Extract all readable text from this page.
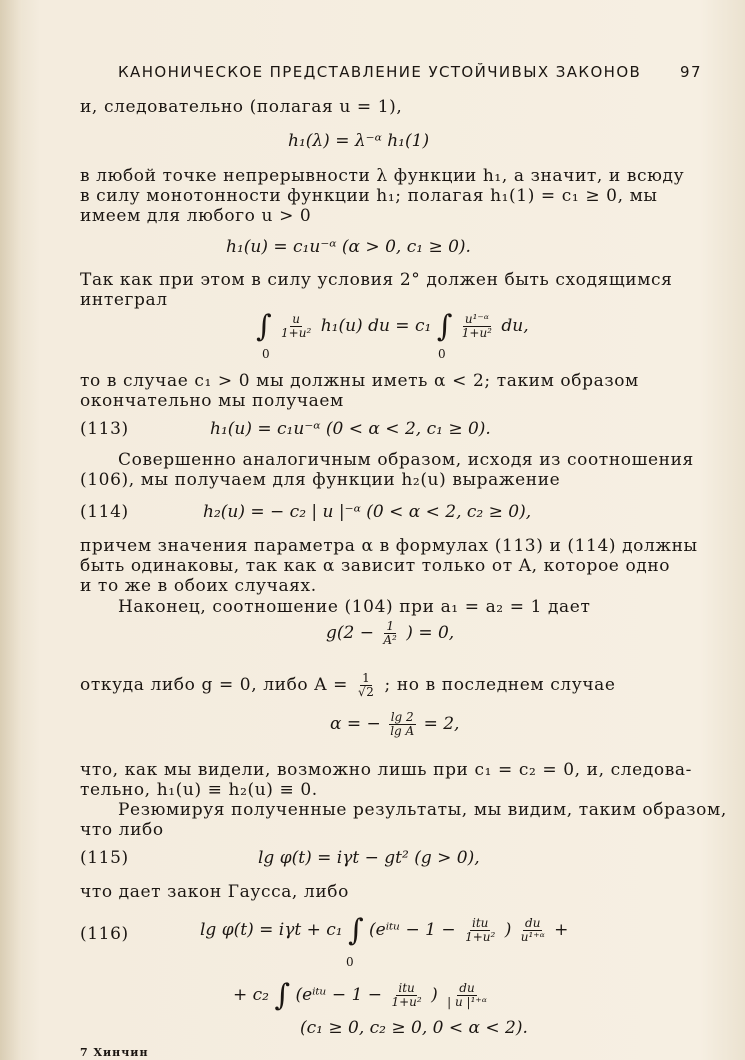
КАНОНИЧЕСКОЕ ПРЕДСТАВЛЕНИЕ УСТОЙЧИВЫХ ЗАКОНОВ	97
и, следовательно (полагая u = 1),
h₁(λ) = λ⁻ᵅ h₁(1)
в любой точке непрерывности λ функции h₁, а значит, и всюду
в силу монотонности функции h₁; полагая h₁(1) = c₁ ≥ 0, мы
имеем для любого u > 0
h₁(u) = c₁u⁻ᵅ (α > 0, c₁ ≥ 0).
Так как при этом в силу условия 2° должен быть сходящимся
интеграл
∫ $\frac{u}{\text{1+u²}} h_1(u)$ du = c₁ ∫ $\frac{\text{u¹⁻ᵅ}}{\text{1+u²}}$ du,
0	0
то в случае c₁ > 0 мы должны иметь α < 2; таким образом
окончательно мы получаем
(113)	h₁(u) = c₁u⁻ᵅ (0 < α < 2, c₁ ≥ 0).
Совершенно аналогичным образом, исходя из соотношения
(106), мы получаем для функции h₂(u) выражение
(114)	h₂(u) = − c₂ | u |⁻ᵅ (0 < α < 2, c₂ ≥ 0),
причем значения параметра α в формулах (113) и (114) должны
быть одинаковы, так как α зависит только от A, которое одно
и то же в обоих случаях.
Наконец, соотношение (104) при a₁ = a₂ = 1 дает
$g(2 - \frac{1}{\text{A²}}$ ) = 0,
откуда либо g = 0, либо $A = \frac{1}{√2}$ ; но в последнем случае
α = − $\frac{\lg 2}{\text{lg A}} = 2$,
что, как мы видели, возможно лишь при c₁ = c₂ = 0, и, следова-
тельно, h₁(u) ≡ h₂(u) ≡ 0.
Резюмируя полученные результаты, мы видим, таким образом,
что либо
(115)	lg φ(t) = iγt − gt² (g > 0),
что дает закон Гаусса, либо
(116)	lg φ(t) = iγt + c₁ ∫ (eⁱᵗᵘ − $1 - \frac{\text{itu}}{\text{1+u²}}$ ) $\frac{du}{\text{u¹⁺ᵅ}}$ +
0
+ c₂ ∫ (eⁱᵗᵘ − $1 - \frac{\text{itu}}{\text{1+u²}}$ ) $\frac{du}{\text{| u |¹⁺ᵅ}}$
(c₁ ≥ 0, c₂ ≥ 0, 0 < α < 2).
7 Хинчин
